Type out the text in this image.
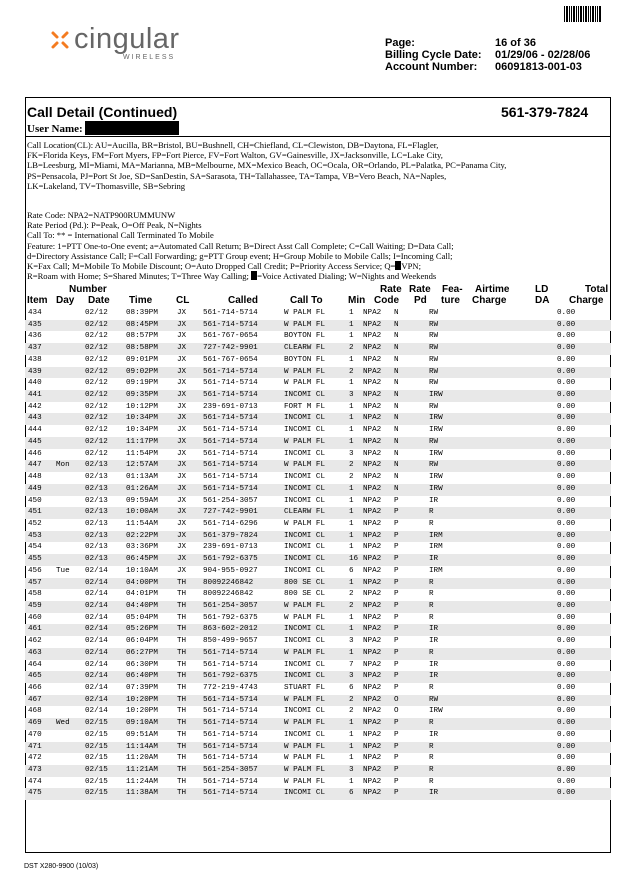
cingular
WIRELESS
Page:	16 of 36
Billing Cycle Date:	01/29/06 - 02/28/06
Account Number:	06091813-001-03
Call Detail (Continued)	561-379-7824
User Name:
Call Location(CL): AU=Aucilla, BR=Bristol, BU=Bushnell, CH=Chiefland, CL=Clewiston, DB=Daytona, FL=Flagler,
FK=Florida Keys, FM=Fort Myers, FP=Fort Pierce, FV=Fort Walton, GV=Gainesville, JX=Jacksonville, LC=Lake City,
LB=Leesburg, MI=Miami, MA=Marianna, MB=Melbourne, MX=Mexico Beach, OC=Ocala, OR=Orlando, PL=Palatka, PC=Panama City,
PS=Pensacola, PJ=Port St Joe, SD=SanDestin, SA=Sarasota, TH=Tallahassee, TA=Tampa, VB=Vero Beach, NA=Naples,
LK=Lakeland, TV=Thomasville, SB=Sebring
Rate Code: NPA2=NATP900RUMMUNW
Rate Period (Pd.): P=Peak, O=Off Peak, N=Nights
Call To: ** = International Call Terminated To Mobile
Feature: 1=PTT One-to-One event; a=Automated Call Return; B=Direct Asst Call Complete; C=Call Waiting; D=Data Call;
d=Directory Assistance Call; F=Call Forwarding; g=PTT Group event; H=Group Mobile to Mobile Calls; I=Incoming Call;
K=Fax Call; M=Mobile To Mobile Discount; O=Auto Dropped Call Credit; P=Priority Access Service; Q= VPN;
R=Roam with Home; S=Shared Minutes; T=Three Way Calling; =Voice Activated Dialing; W=Nights and Weekends
Number	Rate Rate Fea- Airtime	LD	Total
Item Day Date Time CL	Called	Call To	Min Code Pd ture Charge	DA Charge
434	02/12 08:39PM	JX 561-714-5714	W PALM FL	1 NPA2 N	RW	0.00
435	02/12 08:45PM	JX 561-714-5714	W PALM FL	1 NPA2 N	RW	0.00
436	02/12 08:57PM	JX 561-767-0654	BOYTON FL	1 NPA2 N	RW	0.00
437	02/12 08:58PM	JX 727-742-9901	CLEARW FL	2 NPA2 N	RW	0.00
438	02/12 09:01PM	JX 561-767-0654	BOYTON FL	1 NPA2 N	RW	0.00
439	02/12 09:02PM	JX 561-714-5714	W PALM FL	2 NPA2 N	RW	0.00
440	02/12 09:19PM	JX 561-714-5714	W PALM FL	1 NPA2 N	RW	0.00
441	02/12 09:35PM	JX 561-714-5714	INCOMI CL	3 NPA2 N	IRW	0.00
442	02/12 10:12PM	JX 239-691-0713	FORT M FL	1 NPA2 N	RW	0.00
443	02/12 10:34PM	JX 561-714-5714	INCOMI CL	1 NPA2 N	IRW	0.00
444	02/12 10:34PM	JX 561-714-5714	INCOMI CL	1 NPA2 N	IRW	0.00
445	02/12 11:17PM	JX 561-714-5714	W PALM FL	1 NPA2 N	RW	0.00
446	02/12 11:54PM	JX 561-714-5714	INCOMI CL	3 NPA2 N	IRW	0.00
447 Mon 02/13 12:57AM	JX 561-714-5714	W PALM FL	2 NPA2 N	RW	0.00
448	02/13 01:13AM	JX 561-714-5714	INCOMI CL	2 NPA2 N	IRW	0.00
449	02/13 01:26AM	JX 561-714-5714	INCOMI CL	1 NPA2 N	IRW	0.00
450	02/13 09:59AM	JX 561-254-3057	INCOMI CL	1 NPA2 P	IR	0.00
451	02/13 10:00AM	JX 727-742-9901	CLEARW FL	1 NPA2 P	R	0.00
452	02/13 11:54AM	JX 561-714-6296	W PALM FL	1 NPA2 P	R	0.00
453	02/13 02:22PM	JX 561-379-7824	INCOMI CL	1 NPA2 P	IRM	0.00
454	02/13 03:36PM	JX 239-691-0713	INCOMI CL	1 NPA2 P	IRM	0.00
455	02/13 06:45PM	JX 561-792-6375	INCOMI CL	16 NPA2 P	IR	0.00
456 Tue 02/14 10:10AM	JX 904-955-0927	INCOMI CL	6 NPA2 P	IRM	0.00
457	02/14 04:00PM	TH 80092246842	800 SE CL	1 NPA2 P	R	0.00
458	02/14 04:01PM	TH 80092246842	800 SE CL	2 NPA2 P	R	0.00
459	02/14 04:40PM	TH 561-254-3057	W PALM FL	2 NPA2 P	R	0.00
460	02/14 05:04PM	TH 561-792-6375	W PALM FL	1 NPA2 P	R	0.00
461	02/14 05:26PM	TH 863-602-2012	INCOMI CL	1 NPA2 P	IR	0.00
462	02/14 06:04PM	TH 850-499-9657	INCOMI CL	3 NPA2 P	IR	0.00
463	02/14 06:27PM	TH 561-714-5714	W PALM FL	1 NPA2 P	R	0.00
464	02/14 06:30PM	TH 561-714-5714	INCOMI CL	7 NPA2 P	IR	0.00
465	02/14 06:40PM	TH 561-792-6375	INCOMI CL	3 NPA2 P	IR	0.00
466	02/14 07:39PM	TH 772-219-4743	STUART FL	6 NPA2 P	R	0.00
467	02/14 10:20PM	TH 561-714-5714	W PALM FL	2 NPA2 O	RW	0.00
468	02/14 10:20PM	TH 561-714-5714	INCOMI CL	2 NPA2 O	IRW	0.00
469 Wed 02/15 09:10AM	TH 561-714-5714	W PALM FL	1 NPA2 P	R	0.00
470	02/15 09:51AM	TH 561-714-5714	INCOMI CL	1 NPA2 P	IR	0.00
471	02/15 11:14AM	TH 561-714-5714	W PALM FL	1 NPA2 P	R	0.00
472	02/15 11:20AM	TH 561-714-5714	W PALM FL	1 NPA2 P	R	0.00
473	02/15 11:21AM	TH 561-254-3057	W PALM FL	3 NPA2 P	R	0.00
474	02/15 11:24AM	TH 561-714-5714	W PALM FL	1 NPA2 P	R	0.00
475	02/15 11:38AM	TH 561-714-5714	INCOMI CL	6 NPA2 P	IR	0.00
DST X280-9900 (10/03)
